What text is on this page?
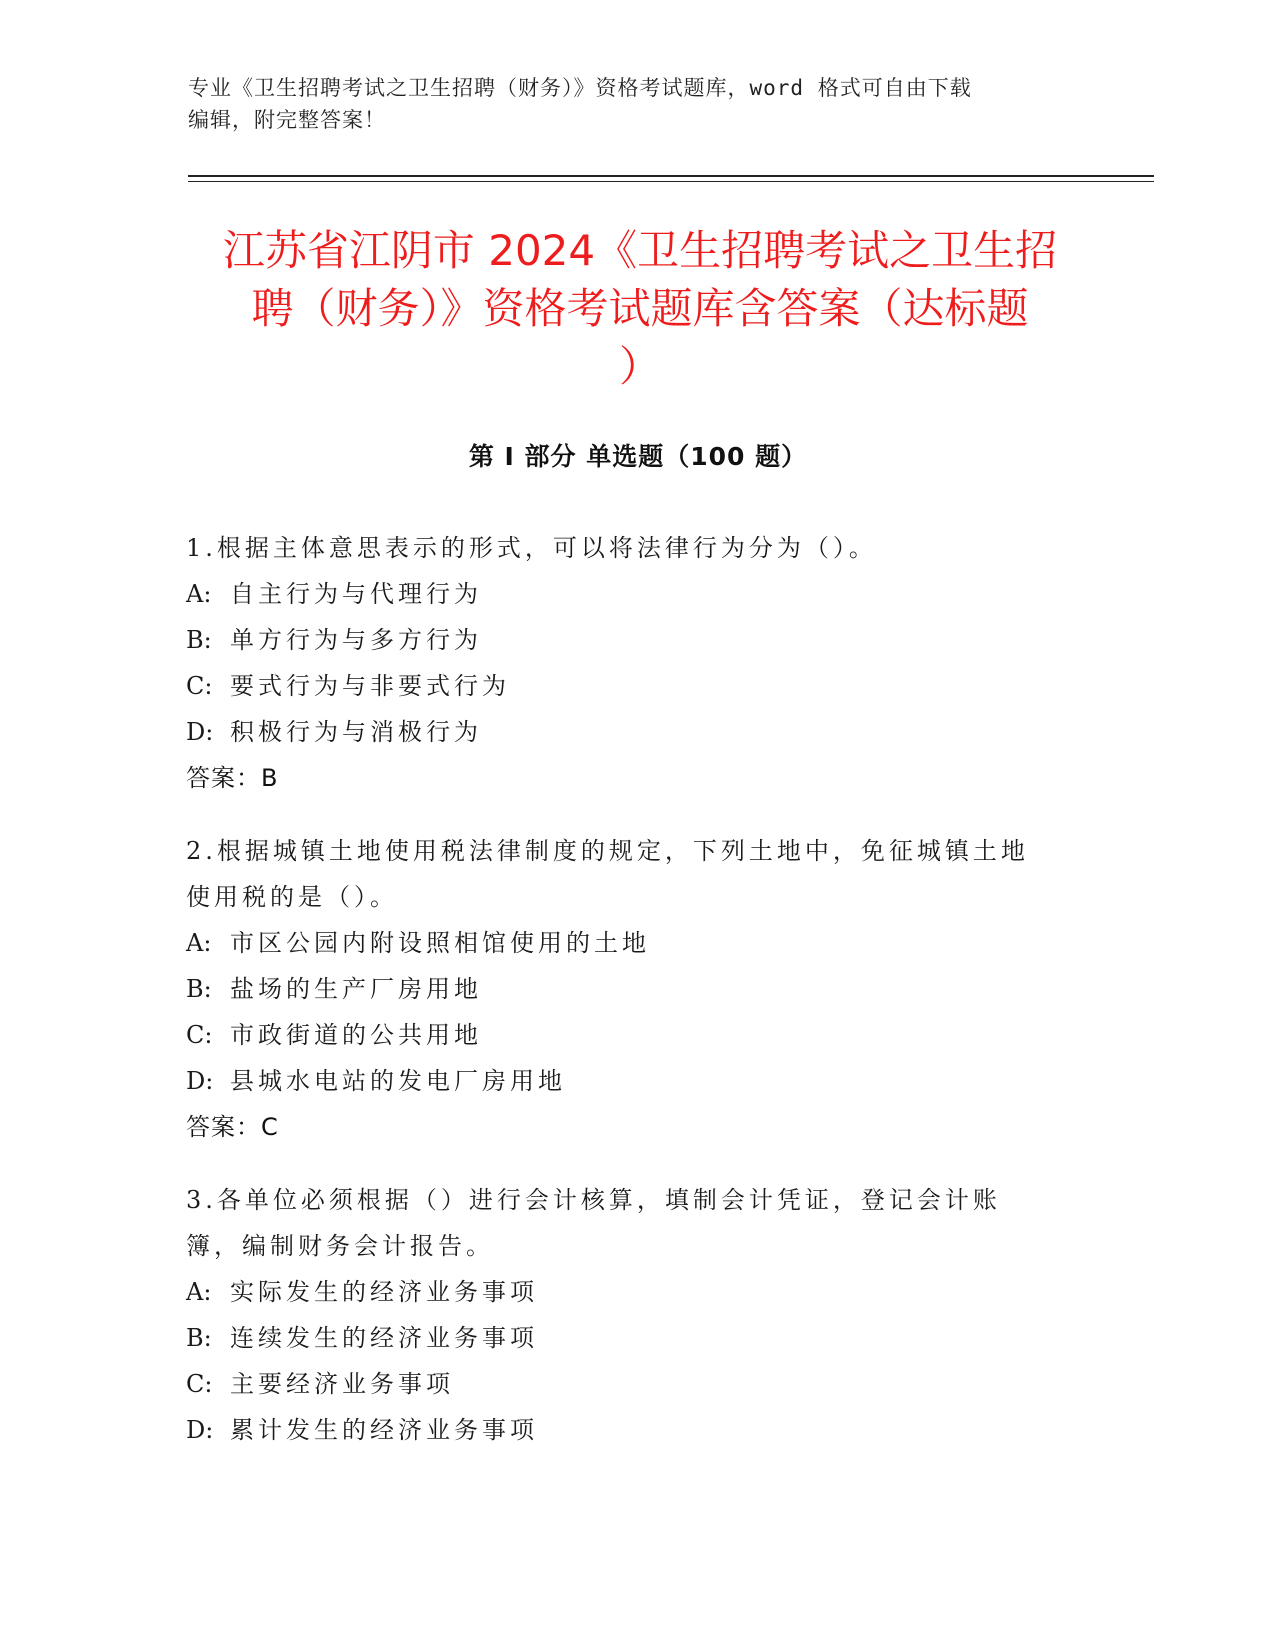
专业《卫生招聘考试之卫生招聘（财务）》资格考试题库，word 格式可自由下载
编辑，附完整答案！
江苏省江阴市 2024《卫生招聘考试之卫生招
聘（财务）》资格考试题库含答案（达标题
）
第 I 部分 单选题（100 题）
1.根据主体意思表示的形式，可以将法律行为分为（）。
A: 自主行为与代理行为
B: 单方行为与多方行为
C: 要式行为与非要式行为
D: 积极行为与消极行为
答案：B
2.根据城镇土地使用税法律制度的规定，下列土地中，免征城镇土地使用税的是（）。
A: 市区公园内附设照相馆使用的土地
B: 盐场的生产厂房用地
C: 市政街道的公共用地
D: 县城水电站的发电厂房用地
答案：C
3.各单位必须根据（）进行会计核算，填制会计凭证，登记会计账簿，编制财务会计报告。
A: 实际发生的经济业务事项
B: 连续发生的经济业务事项
C: 主要经济业务事项
D: 累计发生的经济业务事项
